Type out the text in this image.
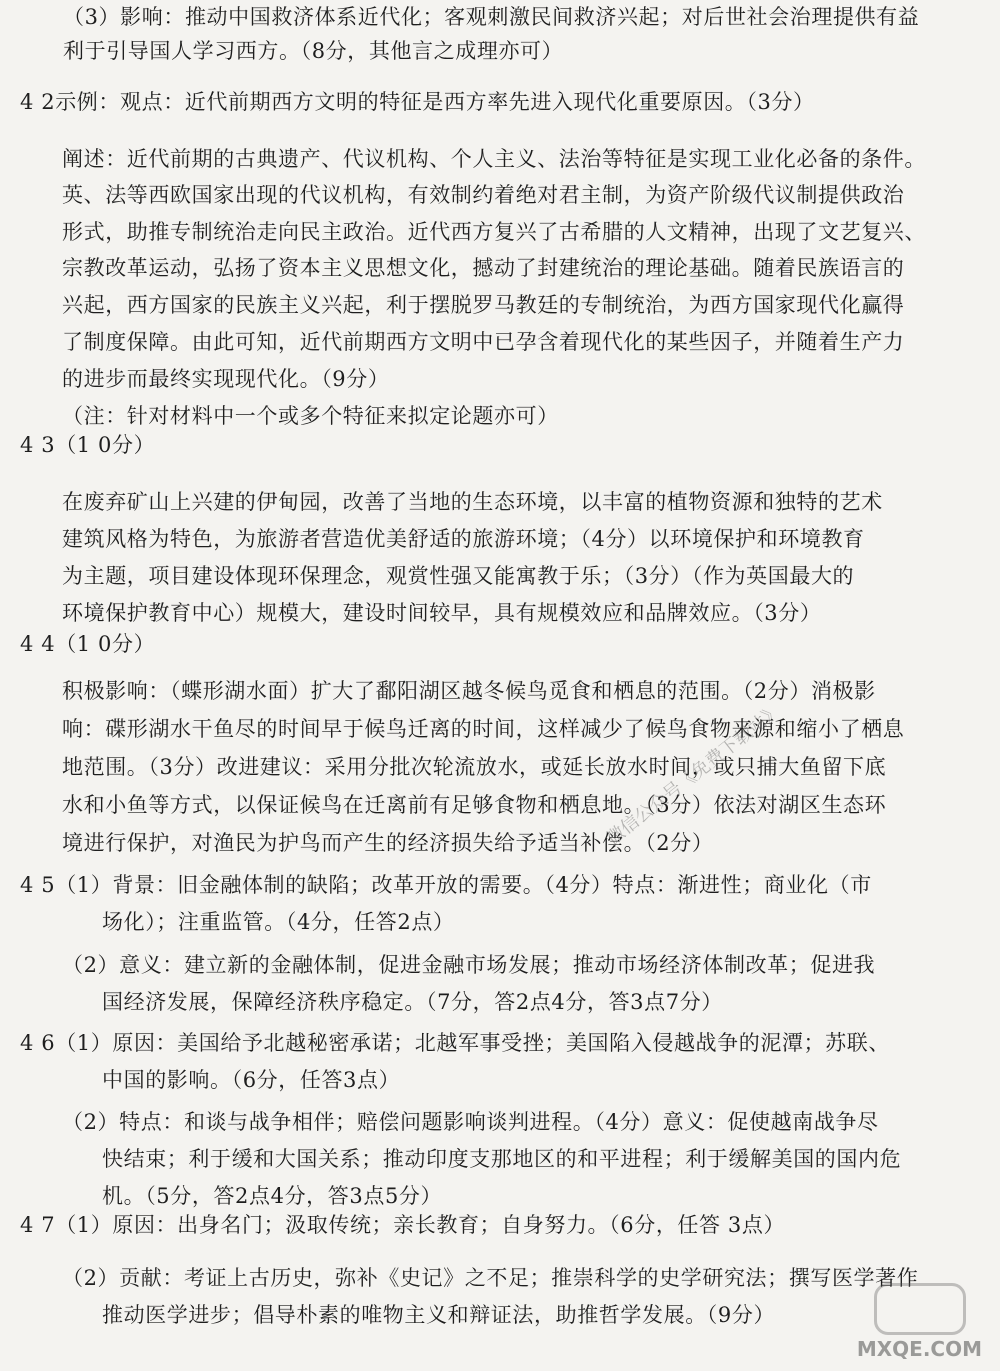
（3）影响：推动中国救济体系近代化；客观刺激民间救济兴起；对后世社会治理提供有益
利于引导国人学习西方。（8分，其他言之成理亦可）
4 2示例：观点：近代前期西方文明的特征是西方率先进入现代化重要原因。（3分）
阐述：近代前期的古典遗产、代议机构、个人主义、法治等特征是实现工业化必备的条件。
英、法等西欧国家出现的代议机构，有效制约着绝对君主制，为资产阶级代议制提供政治
形式，助推专制统治走向民主政治。近代西方复兴了古希腊的人文精神，出现了文艺复兴、
宗教改革运动，弘扬了资本主义思想文化，撼动了封建统治的理论基础。随着民族语言的
兴起，西方国家的民族主义兴起，利于摆脱罗马教廷的专制统治，为西方国家现代化赢得
了制度保障。由此可知，近代前期西方文明中已孕含着现代化的某些因子，并随着生产力
的进步而最终实现现代化。（9分）
（注：针对材料中一个或多个特征来拟定论题亦可）
4 3（1 0分）
在废弃矿山上兴建的伊甸园，改善了当地的生态环境，以丰富的植物资源和独特的艺术
建筑风格为特色，为旅游者营造优美舒适的旅游环境；（4分）以环境保护和环境教育
为主题，项目建设体现环保理念，观赏性强又能寓教于乐；（3分）（作为英国最大的
环境保护教育中心）规模大，建设时间较早，具有规模效应和品牌效应。（3分）
4 4（1 0分）
积极影响：（蝶形湖水面）扩大了鄱阳湖区越冬候鸟觅食和栖息的范围。（2分）消极影
响：碟形湖水干鱼尽的时间早于候鸟迁离的时间，这样减少了候鸟食物来源和缩小了栖息
地范围。（3分）改进建议：采用分批次轮流放水，或延长放水时间，或只捕大鱼留下底
水和小鱼等方式，以保证候鸟在迁离前有足够食物和栖息地。（3分）依法对湖区生态环
境进行保护，对渔民为护鸟而产生的经济损失给予适当补偿。（2分）
4 5（1）背景：旧金融体制的缺陷；改革开放的需要。（4分）特点：渐进性；商业化（市
场化）；注重监管。（4分，任答2点）
（2）意义：建立新的金融体制，促进金融市场发展；推动市场经济体制改革；促进我
国经济发展，保障经济秩序稳定。（7分，答2点4分，答3点7分）
4 6（1）原因：美国给予北越秘密承诺；北越军事受挫；美国陷入侵越战争的泥潭；苏联、
中国的影响。（6分，任答3点）
（2）特点：和谈与战争相伴；赔偿问题影响谈判进程。（4分）意义：促使越南战争尽
快结束；利于缓和大国关系；推动印度支那地区的和平进程；利于缓解美国的国内危
机。（5分，答2点4分，答3点5分）
4 7（1）原因：出身名门；汲取传统；亲长教育；自身努力。（6分，任答 3点）
（2）贡献：考证上古历史，弥补《史记》之不足；推崇科学的史学研究法；撰写医学著作
推动医学进步；倡导朴素的唯物主义和辩证法，助推哲学发展。（9分）
微信公众号《免费下载站》
MXQE.COM
